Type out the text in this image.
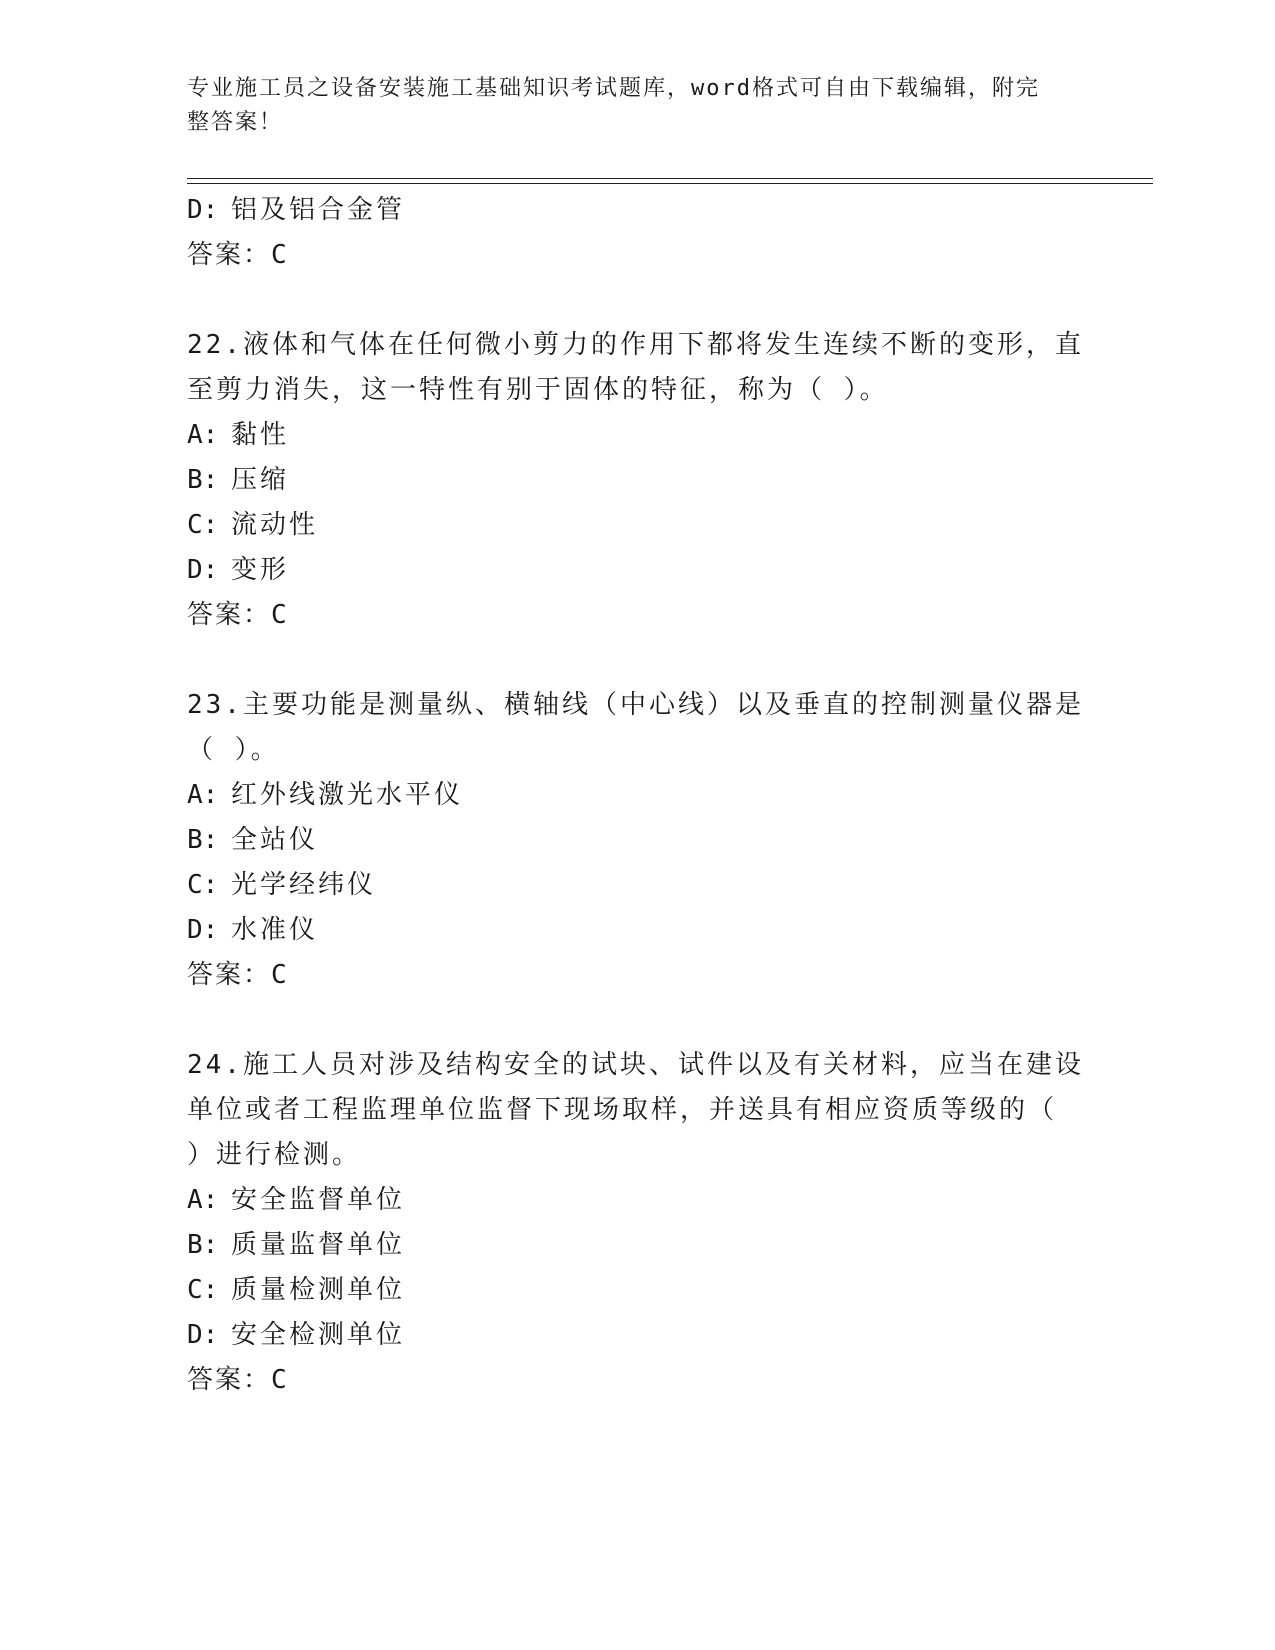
专业施工员之设备安装施工基础知识考试题库，word格式可自由下载编辑，附完
整答案！
D: 铝及铝合金管
答案：C
22.液体和气体在任何微小剪力的作用下都将发生连续不断的变形，直
至剪力消失，这一特性有别于固体的特征，称为（ ）。
A: 黏性
B: 压缩
C: 流动性
D: 变形
答案：C
23.主要功能是测量纵、横轴线（中心线）以及垂直的控制测量仪器是
（ ）。
A: 红外线激光水平仪
B: 全站仪
C: 光学经纬仪
D: 水准仪
答案：C
24.施工人员对涉及结构安全的试块、试件以及有关材料，应当在建设
单位或者工程监理单位监督下现场取样，并送具有相应资质等级的（
）进行检测。
A: 安全监督单位
B: 质量监督单位
C: 质量检测单位
D: 安全检测单位
答案：C
